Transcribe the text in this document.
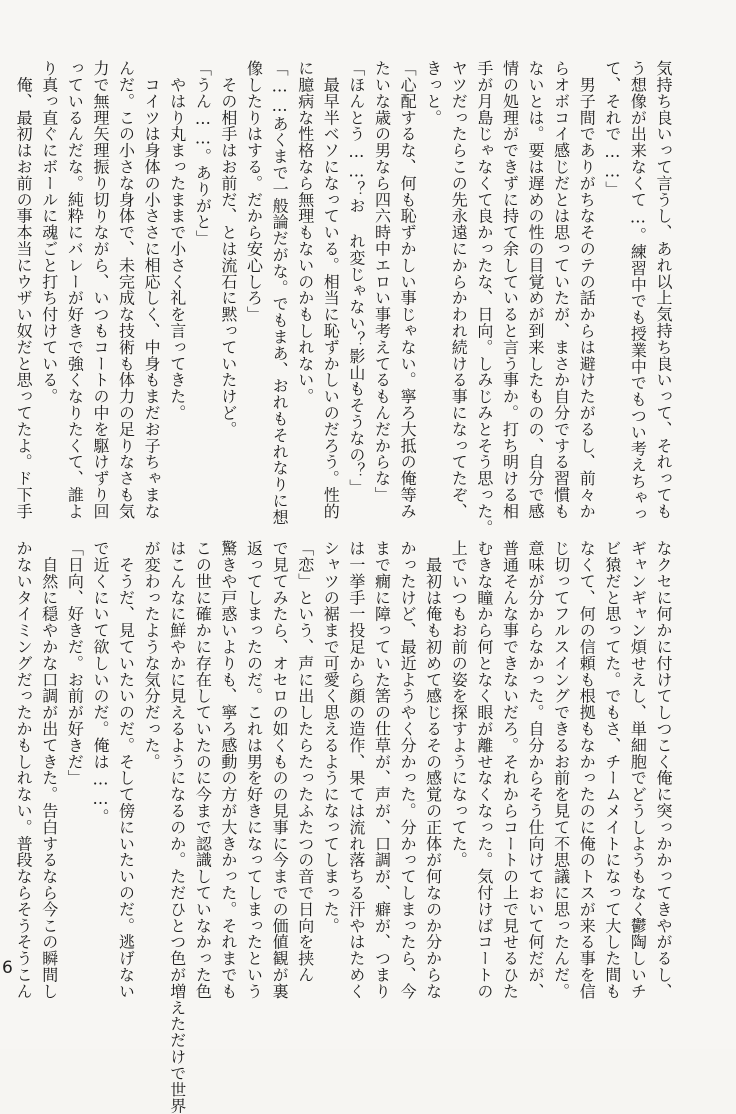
気持ち良いって言うし、あれ以上気持ち良いって、それっても

う想像が出来なくて…。練習中でも授業中でもつい考えちゃっ

て、それで……」

　男子間でありがちなそのテの話からは避けたがるし、前々か

らオボコイ感じだとは思っていたが、まさか自分でする習慣も

ないとは。要は遅めの性の目覚めが到来したものの、自分で感

情の処理ができずに持て余していると言う事か。打ち明ける相

手が月島じゃなくて良かったな、日向。しみじみとそう思った。

ヤツだったらこの先永遠にからかわれ続ける事になってたぞ、

きっと。

「心配するな、何も恥ずかしい事じゃない。寧ろ大抵の俺等み

たいな歳の男なら四六時中エロい事考えてるもんだからな」

「ほんとう……？お れ変じゃない？影山もそうなの？」

　最早半ベソになっている。相当に恥ずかしいのだろう。性的

に臆病な性格なら無理もないのかもしれない。

「……あくまで一般論だがな。でもまあ、おれもそれなりに想

像したりはする。だから安心しろ」

　その相手はお前だ、とは流石に黙っていたけど。

「うん……。ありがと」

　やはり丸まったままで小さく礼を言ってきた。

　コイツは身体の小ささに相応しく、中身もまだお子ちゃまな

んだ。この小さな身体で、未完成な技術も体力の足りなさも気

力で無理矢理振り切りながら、いつもコートの中を駆けずり回

っているんだな。純粋にバレーが好きで強くなりたくて、誰よ

り真っ直ぐにボールに魂ごと打ち付けている。

　俺、最初はお前の事本当にウザい奴だと思ってたよ。ド下手

なクセに何かに付けてしつこく俺に突っかかってきやがるし、

ギャンギャン煩せえし、単細胞でどうしようもなく鬱陶しいチ

ビ猿だと思ってた。でもさ、チームメイトになって大した間も

なくて、何の信頼も根拠もなかったのに俺のトスが来る事を信

じ切ってフルスイングできるお前を見て不思議に思ったんだ。

意味が分からなかった。自分からそう仕向けておいて何だが、

普通そんな事できないだろ。それからコートの上で見せるひた

むきな瞳から何となく眼が離せなくなった。気付けばコートの

上でいつもお前の姿を探すようになってた。

　最初は俺も初めて感じるその感覚の正体が何なのか分からな

かったけど、最近ようやく分かった。分かってしまったら、今

まで癇に障っていた筈の仕草が、声が、口調が、癖が、つまり

は一挙手一投足から顔の造作、果ては流れ落ちる汗やはためく

シャツの裾まで可愛く思えるようになってしまった。

「恋」という、声に出したらたったふたつの音で日向を挟ん

で見てみたら、オセロの如くものの見事に今までの価値観が裏

返ってしまったのだ。これは男を好きになってしまったという

驚きや戸惑いよりも、寧ろ感動の方が大きかった。それまでも

この世に確かに存在していたのに今まで認識していなかった色

はこんなに鮮やかに見えるようになるのか。ただひとつ色が増えただけで世界

が変わったような気分だった。

　そうだ、見ていたいのだ。そして傍にいたいのだ。逃げない

で近くにいて欲しいのだ。俺は……。

「日向、好きだ。お前が好きだ」

　自然に穏やかな口調が出てきた。告白するなら今この瞬間し

かないタイミングだったかもしれない。普段ならそうそうこん

6
